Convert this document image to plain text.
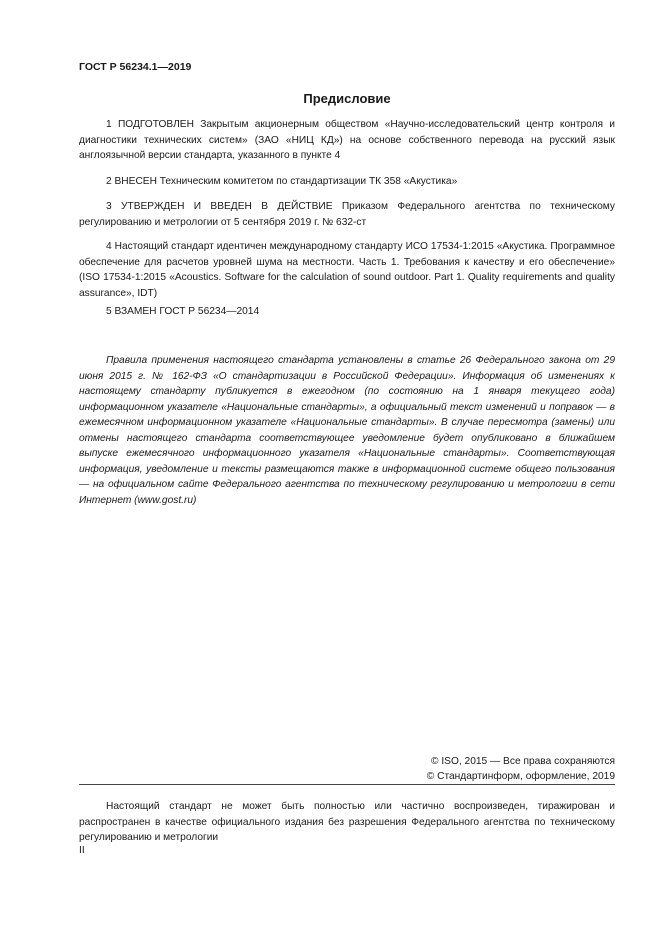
ГОСТ Р 56234.1—2019
Предисловие

1 ПОДГОТОВЛЕН Закрытым акционерным обществом «Научно-исследовательский центр контроля и диагностики технических систем» (ЗАО «НИЦ КД») на основе собственного перевода на русский язык англоязычной версии стандарта, указанного в пункте 4

2 ВНЕСЕН Техническим комитетом по стандартизации ТК 358 «Акустика»

3 УТВЕРЖДЕН И ВВЕДЕН В ДЕЙСТВИЕ Приказом Федерального агентства по техническому регулированию и метрологии от 5 сентября 2019 г. № 632-ст

4 Настоящий стандарт идентичен международному стандарту ИСО 17534-1:2015 «Акустика. Программное обеспечение для расчетов уровней шума на местности. Часть 1. Требования к качеству и его обеспечение» (ISO 17534-1:2015 «Acoustics. Software for the calculation of sound outdoor. Part 1. Quality requirements and quality assurance», IDT)

5 ВЗАМЕН ГОСТ Р 56234—2014

Правила применения настоящего стандарта установлены в статье 26 Федерального закона от 29 июня 2015 г. № 162-ФЗ «О стандартизации в Российской Федерации». Информация об изменениях к настоящему стандарту публикуется в ежегодном (по состоянию на 1 января текущего года) информационном указателе «Национальные стандарты», а официальный текст изменений и поправок — в ежемесячном информационном указателе «Национальные стандарты». В случае пересмотра (замены) или отмены настоящего стандарта соответствующее уведомление будет опубликовано в ближайшем выпуске ежемесячного информационного указателя «Национальные стандарты». Соответствующая информация, уведомление и тексты размещаются также в информационной системе общего пользования — на официальном сайте Федерального агентства по техническому регулированию и метрологии в сети Интернет (www.gost.ru)

© ISO, 2015 — Все права сохраняются
© Стандартинформ, оформление, 2019

Настоящий стандарт не может быть полностью или частично воспроизведен, тиражирован и распространен в качестве официального издания без разрешения Федерального агентства по техническому регулированию и метрологии

II
